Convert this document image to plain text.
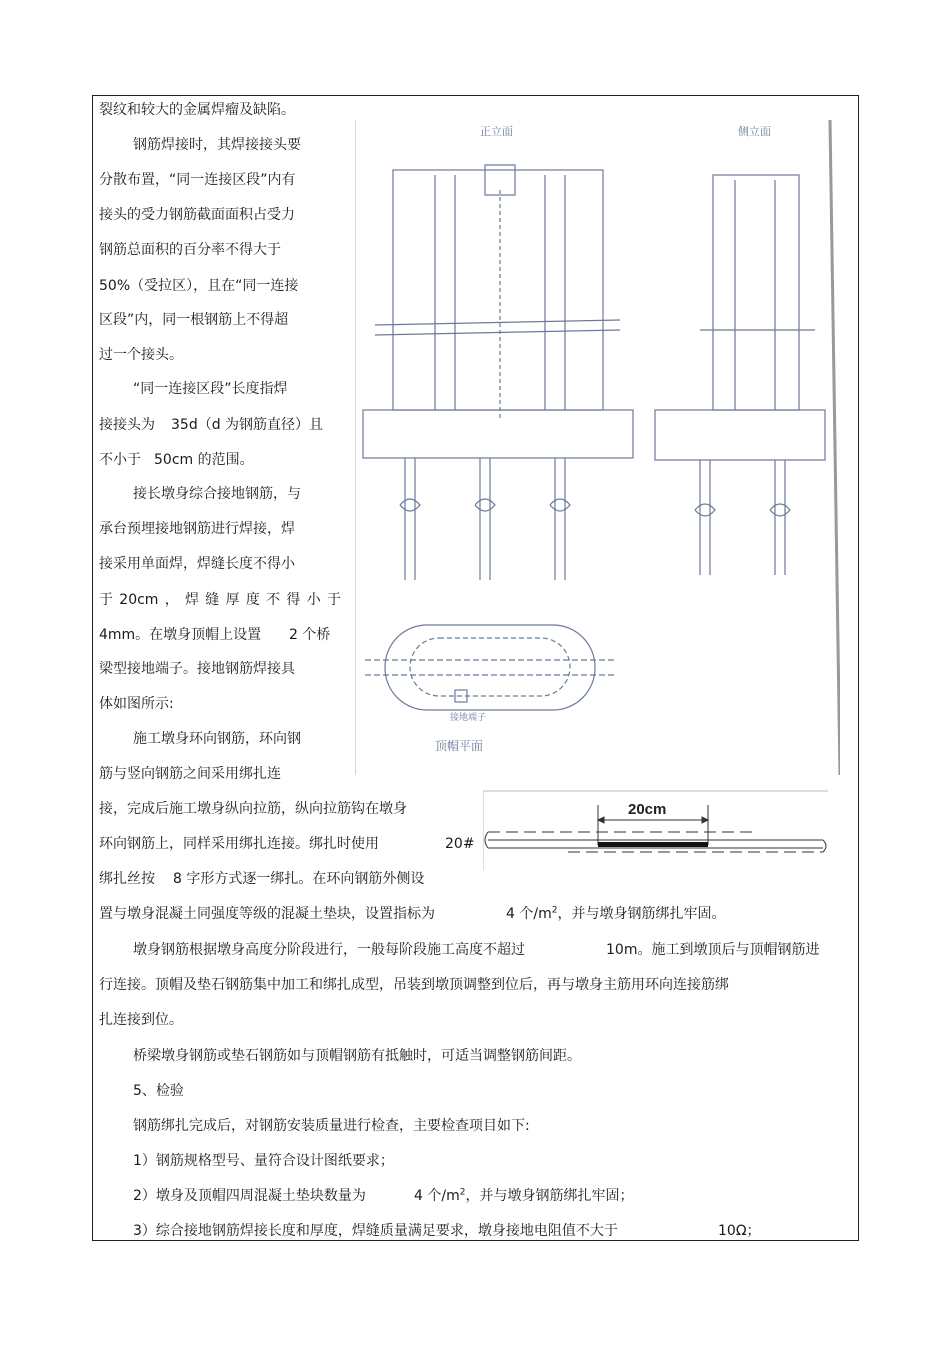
裂纹和较大的金属焊瘤及缺陷。
钢筋焊接时，其焊接接头要
分散布置，“同一连接区段”内有
接头的受力钢筋截面面积占受力
钢筋总面积的百分率不得大于
50%（受拉区），且在“同一连接
区段”内，同一根钢筋上不得超
过一个接头。
“同一连接区段”长度指焊
接接头为 35d（d 为钢筋直径）且
不小于 50cm 的范围。
接长墩身综合接地钢筋，与
承台预埋接地钢筋进行焊接，焊
接采用单面焊，焊缝长度不得小
于 20cm ， 焊 缝 厚 度 不 得 小 于
4mm。在墩身顶帽上设置 2 个桥
梁型接地端子。接地钢筋焊接具
体如图所示:
施工墩身环向钢筋，环向钢
筋与竖向钢筋之间采用绑扎连
接，完成后施工墩身纵向拉筋，纵向拉筋钩在墩身
环向钢筋上，同样采用绑扎连接。绑扎时使用	20#
绑扎丝按 8 字形方式逐一绑扎。在环向钢筋外侧设
置与墩身混凝土同强度等级的混凝土垫块，设置指标为	4 个$/m^2$，并与墩身钢筋绑扎牢固。
墩身钢筋根据墩身高度分阶段进行，一般每阶段施工高度不超过	10m。施工到墩顶后与顶帽钢筋进
行连接。顶帽及垫石钢筋集中加工和绑扎成型，吊装到墩顶调整到位后，再与墩身主筋用环向连接筋绑
扎连接到位。
桥梁墩身钢筋或垫石钢筋如与顶帽钢筋有抵触时，可适当调整钢筋间距。
5、检验
钢筋绑扎完成后，对钢筋安装质量进行检查，主要检查项目如下:
1）钢筋规格型号、量符合设计图纸要求；
2）墩身及顶帽四周混凝土垫块数量为	4 个$/m^2$，并与墩身钢筋绑扎牢固；
3）综合接地钢筋焊接长度和厚度，焊缝质量满足要求，墩身接地电阻值不大于	10Ω；
正立面	侧立面
接地端子
顶帽平面
20cm
